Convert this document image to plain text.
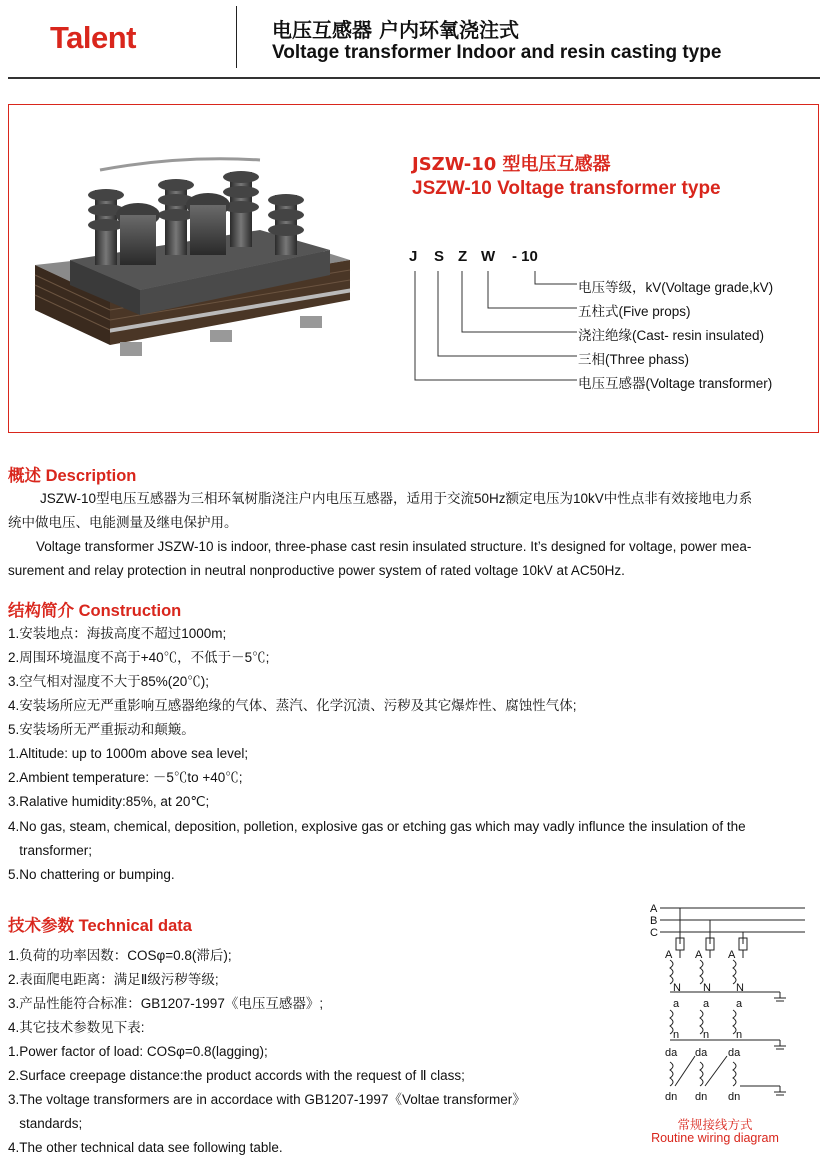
Talent	电压互感器 户内环氧浇注式
Voltage transformer Indoor and resin casting type
JSZW-10 型电压互感器
JSZW-10 Voltage transformer type
J S Z W - 10
电压等级，kV(Voltage grade,kV)
五柱式(Five props)
浇注绝缘(Cast- resin insulated)
三相(Three phass)
电压互感器(Voltage transformer)
概述 Description
JSZW-10型电压互感器为三相环氧树脂浇注户内电压互感器，适用于交流50Hz额定电压为10kV中性点非有效接地电力系
统中做电压、电能测量及继电保护用。
Voltage transformer JSZW-10 is indoor, three-phase cast resin insulated structure. It’s designed for voltage, power mea-
surement and relay protection in neutral nonproductive power system of rated voltage 10kV at AC50Hz.
结构简介 Construction
1.安装地点：海拔高度不超过1000m;
2.周围环境温度不高于+40℃，不低于－5℃;
3.空气相对湿度不大于85%(20℃);
4.安装场所应无严重影响互感器绝缘的气体、蒸汽、化学沉渍、污秽及其它爆炸性、腐蚀性气体;
5.安装场所无严重振动和颠簸。
1.Altitude: up to 1000m above sea level;
2.Ambient temperature: －5℃to +40℃;
3.Ralative humidity:85%, at 20℃;
4.No gas, steam, chemical, deposition, polletion, explosive gas or etching gas which may vadly influnce the insulation of the
transformer;
5.No chattering or bumping.
技术参数 Technical data
1.负荷的功率因数：COSφ=0.8(滞后);
2.表面爬电距离：满足Ⅱ级污秽等级;
3.产品性能符合标准：GB1207-1997《电压互感器》;
4.其它技术参数见下表:
1.Power factor of load: COSφ=0.8(lagging);
2.Surface creepage distance:the product accords with the request of Ⅱ class;
3.The voltage transformers are in accordace with GB1207-1997《Voltae transformer》
standards;
4.The other technical data see following table.
A
B
C
A A A
N N N
a a a
n n n
da da da
dn dn dn
常规接线方式
Routine wiring diagram
